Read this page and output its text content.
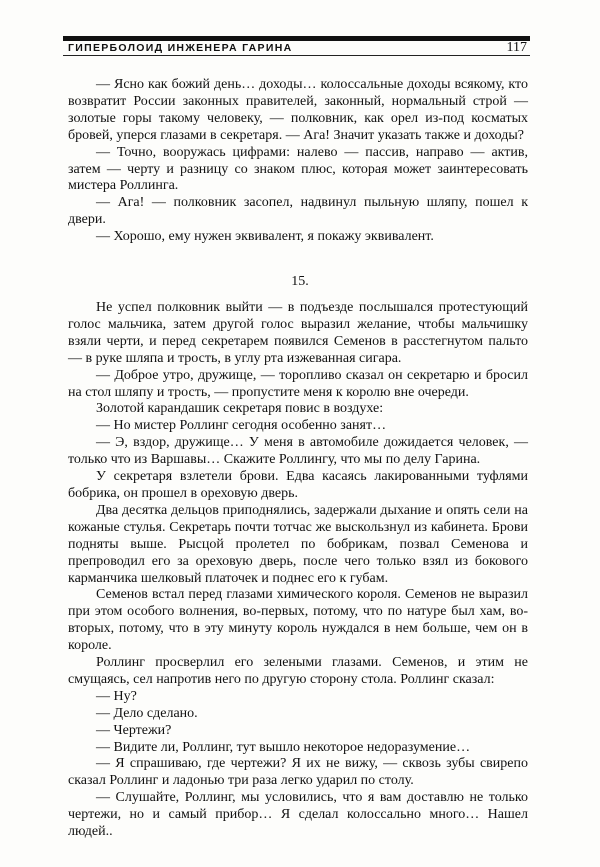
ГИПЕРБОЛОИД ИНЖЕНЕРА ГАРИНА	117

— Ясно как божий день… доходы… колоссальные доходы всякому, кто возвратит России законных правителей, законный, нормальный строй — золотые горы такому человеку, — полковник, как орел из-под косматых бровей, уперся глазами в секретаря. — Ага! Значит указать также и доходы?

— Точно, вооружась цифрами: налево — пассив, направо — актив, затем — черту и разницу со знаком плюс, которая может заинтересовать мистера Роллинга.

— Ага! — полковник засопел, надвинул пыльную шляпу, пошел к двери.

— Хорошо, ему нужен эквивалент, я покажу эквивалент.

15.

Не успел полковник выйти — в подъезде послышался протестующий голос мальчика, затем другой голос выразил желание, чтобы мальчишку взяли черти, и перед секретарем появился Семенов в расстегнутом пальто — в руке шляпа и трость, в углу рта изжеванная сигара.

— Доброе утро, дружище, — торопливо сказал он секретарю и бросил на стол шляпу и трость, — пропустите меня к королю вне очереди.

Золотой карандашик секретаря повис в воздухе:

— Но мистер Роллинг сегодня особенно занят…

— Э, вздор, дружище… У меня в автомобиле дожидается человек, — только что из Варшавы… Скажите Роллингу, что мы по делу Гарина.

У секретаря взлетели брови. Едва касаясь лакированными туфлями бобрика, он прошел в ореховую дверь.

Два десятка дельцов приподнялись, задержали дыхание и опять сели на кожаные стулья. Секретарь почти тотчас же выскользнул из кабинета. Брови подняты выше. Рысцой пролетел по бобрикам, позвал Семенова и препроводил его за ореховую дверь, после чего только взял из бокового карманчика шелковый платочек и поднес его к губам.

Семенов встал перед глазами химического короля. Семенов не выразил при этом особого волнения, во-первых, потому, что по натуре был хам, во-вторых, потому, что в эту минуту король нуждался в нем больше, чем он в короле.

Роллинг просверлил его зелеными глазами. Семенов, и этим не смущаясь, сел напротив него по другую сторону стола. Роллинг сказал:

— Ну?

— Дело сделано.

— Чертежи?

— Видите ли, Роллинг, тут вышло некоторое недоразумение…

— Я спрашиваю, где чертежи? Я их не вижу, — сквозь зубы свирепо сказал Роллинг и ладонью три раза легко ударил по столу.

— Слушайте, Роллинг, мы условились, что я вам доставлю не только чертежи, но и самый прибор… Я сделал колоссально много… Нашел людей..
